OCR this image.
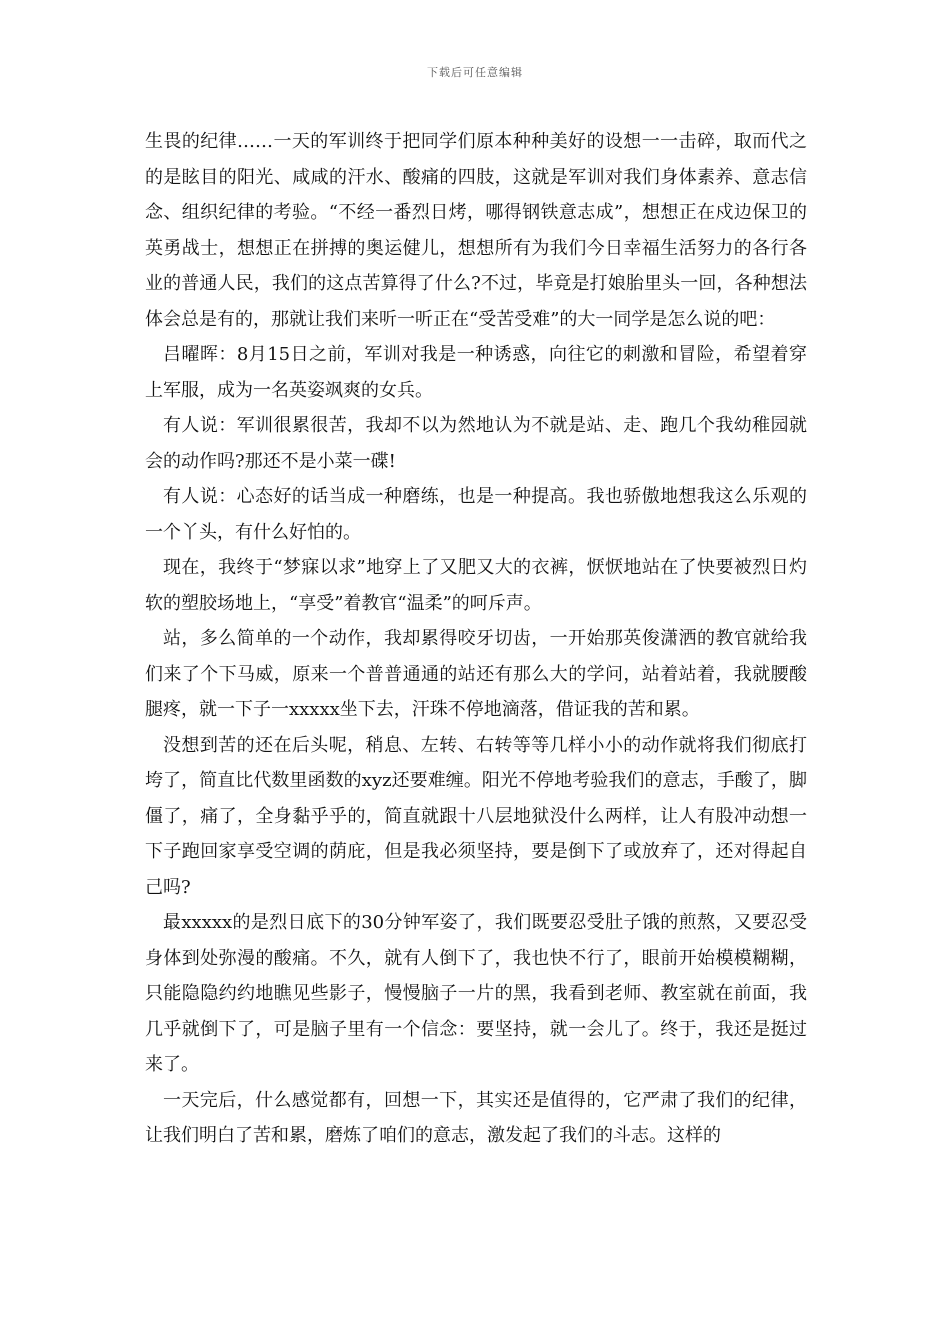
下载后可任意编辑

生畏的纪律……一天的军训终于把同学们原本种种美好的设想一一击碎，取而代之的是眩目的阳光、咸咸的汗水、酸痛的四肢，这就是军训对我们身体素养、意志信念、组织纪律的考验。“不经一番烈日烤，哪得钢铁意志成”，想想正在戍边保卫的英勇战士，想想正在拼搏的奥运健儿，想想所有为我们今日幸福生活努力的各行各业的普通人民，我们的这点苦算得了什么?不过，毕竟是打娘胎里头一回，各种想法体会总是有的，那就让我们来听一听正在“受苦受难”的大一同学是怎么说的吧：

吕曜晖：8月15日之前，军训对我是一种诱惑，向往它的刺激和冒险，希望着穿上军服，成为一名英姿飒爽的女兵。

有人说：军训很累很苦，我却不以为然地认为不就是站、走、跑几个我幼稚园就会的动作吗?那还不是小菜一碟!

有人说：心态好的话当成一种磨练，也是一种提高。我也骄傲地想我这么乐观的一个丫头，有什么好怕的。

现在，我终于“梦寐以求”地穿上了又肥又大的衣裤，恹恹地站在了快要被烈日灼软的塑胶场地上，“享受”着教官“温柔”的呵斥声。

站，多么简单的一个动作，我却累得咬牙切齿，一开始那英俊潇洒的教官就给我们来了个下马威，原来一个普普通通的站还有那么大的学问，站着站着，我就腰酸腿疼，就一下子一xxxxx坐下去，汗珠不停地滴落，借证我的苦和累。

没想到苦的还在后头呢，稍息、左转、右转等等几样小小的动作就将我们彻底打垮了，简直比代数里函数的xyz还要难缠。阳光不停地考验我们的意志，手酸了，脚僵了，痛了，全身黏乎乎的，简直就跟十八层地狱没什么两样，让人有股冲动想一下子跑回家享受空调的荫庇，但是我必须坚持，要是倒下了或放弃了，还对得起自己吗?

最xxxxx的是烈日底下的30分钟军姿了，我们既要忍受肚子饿的煎熬，又要忍受身体到处弥漫的酸痛。不久，就有人倒下了，我也快不行了，眼前开始模模糊糊，只能隐隐约约地瞧见些影子，慢慢脑子一片的黑，我看到老师、教室就在前面，我几乎就倒下了，可是脑子里有一个信念：要坚持，就一会儿了。终于，我还是挺过来了。

一天完后，什么感觉都有，回想一下，其实还是值得的，它严肃了我们的纪律，让我们明白了苦和累，磨炼了咱们的意志，激发起了我们的斗志。这样的
